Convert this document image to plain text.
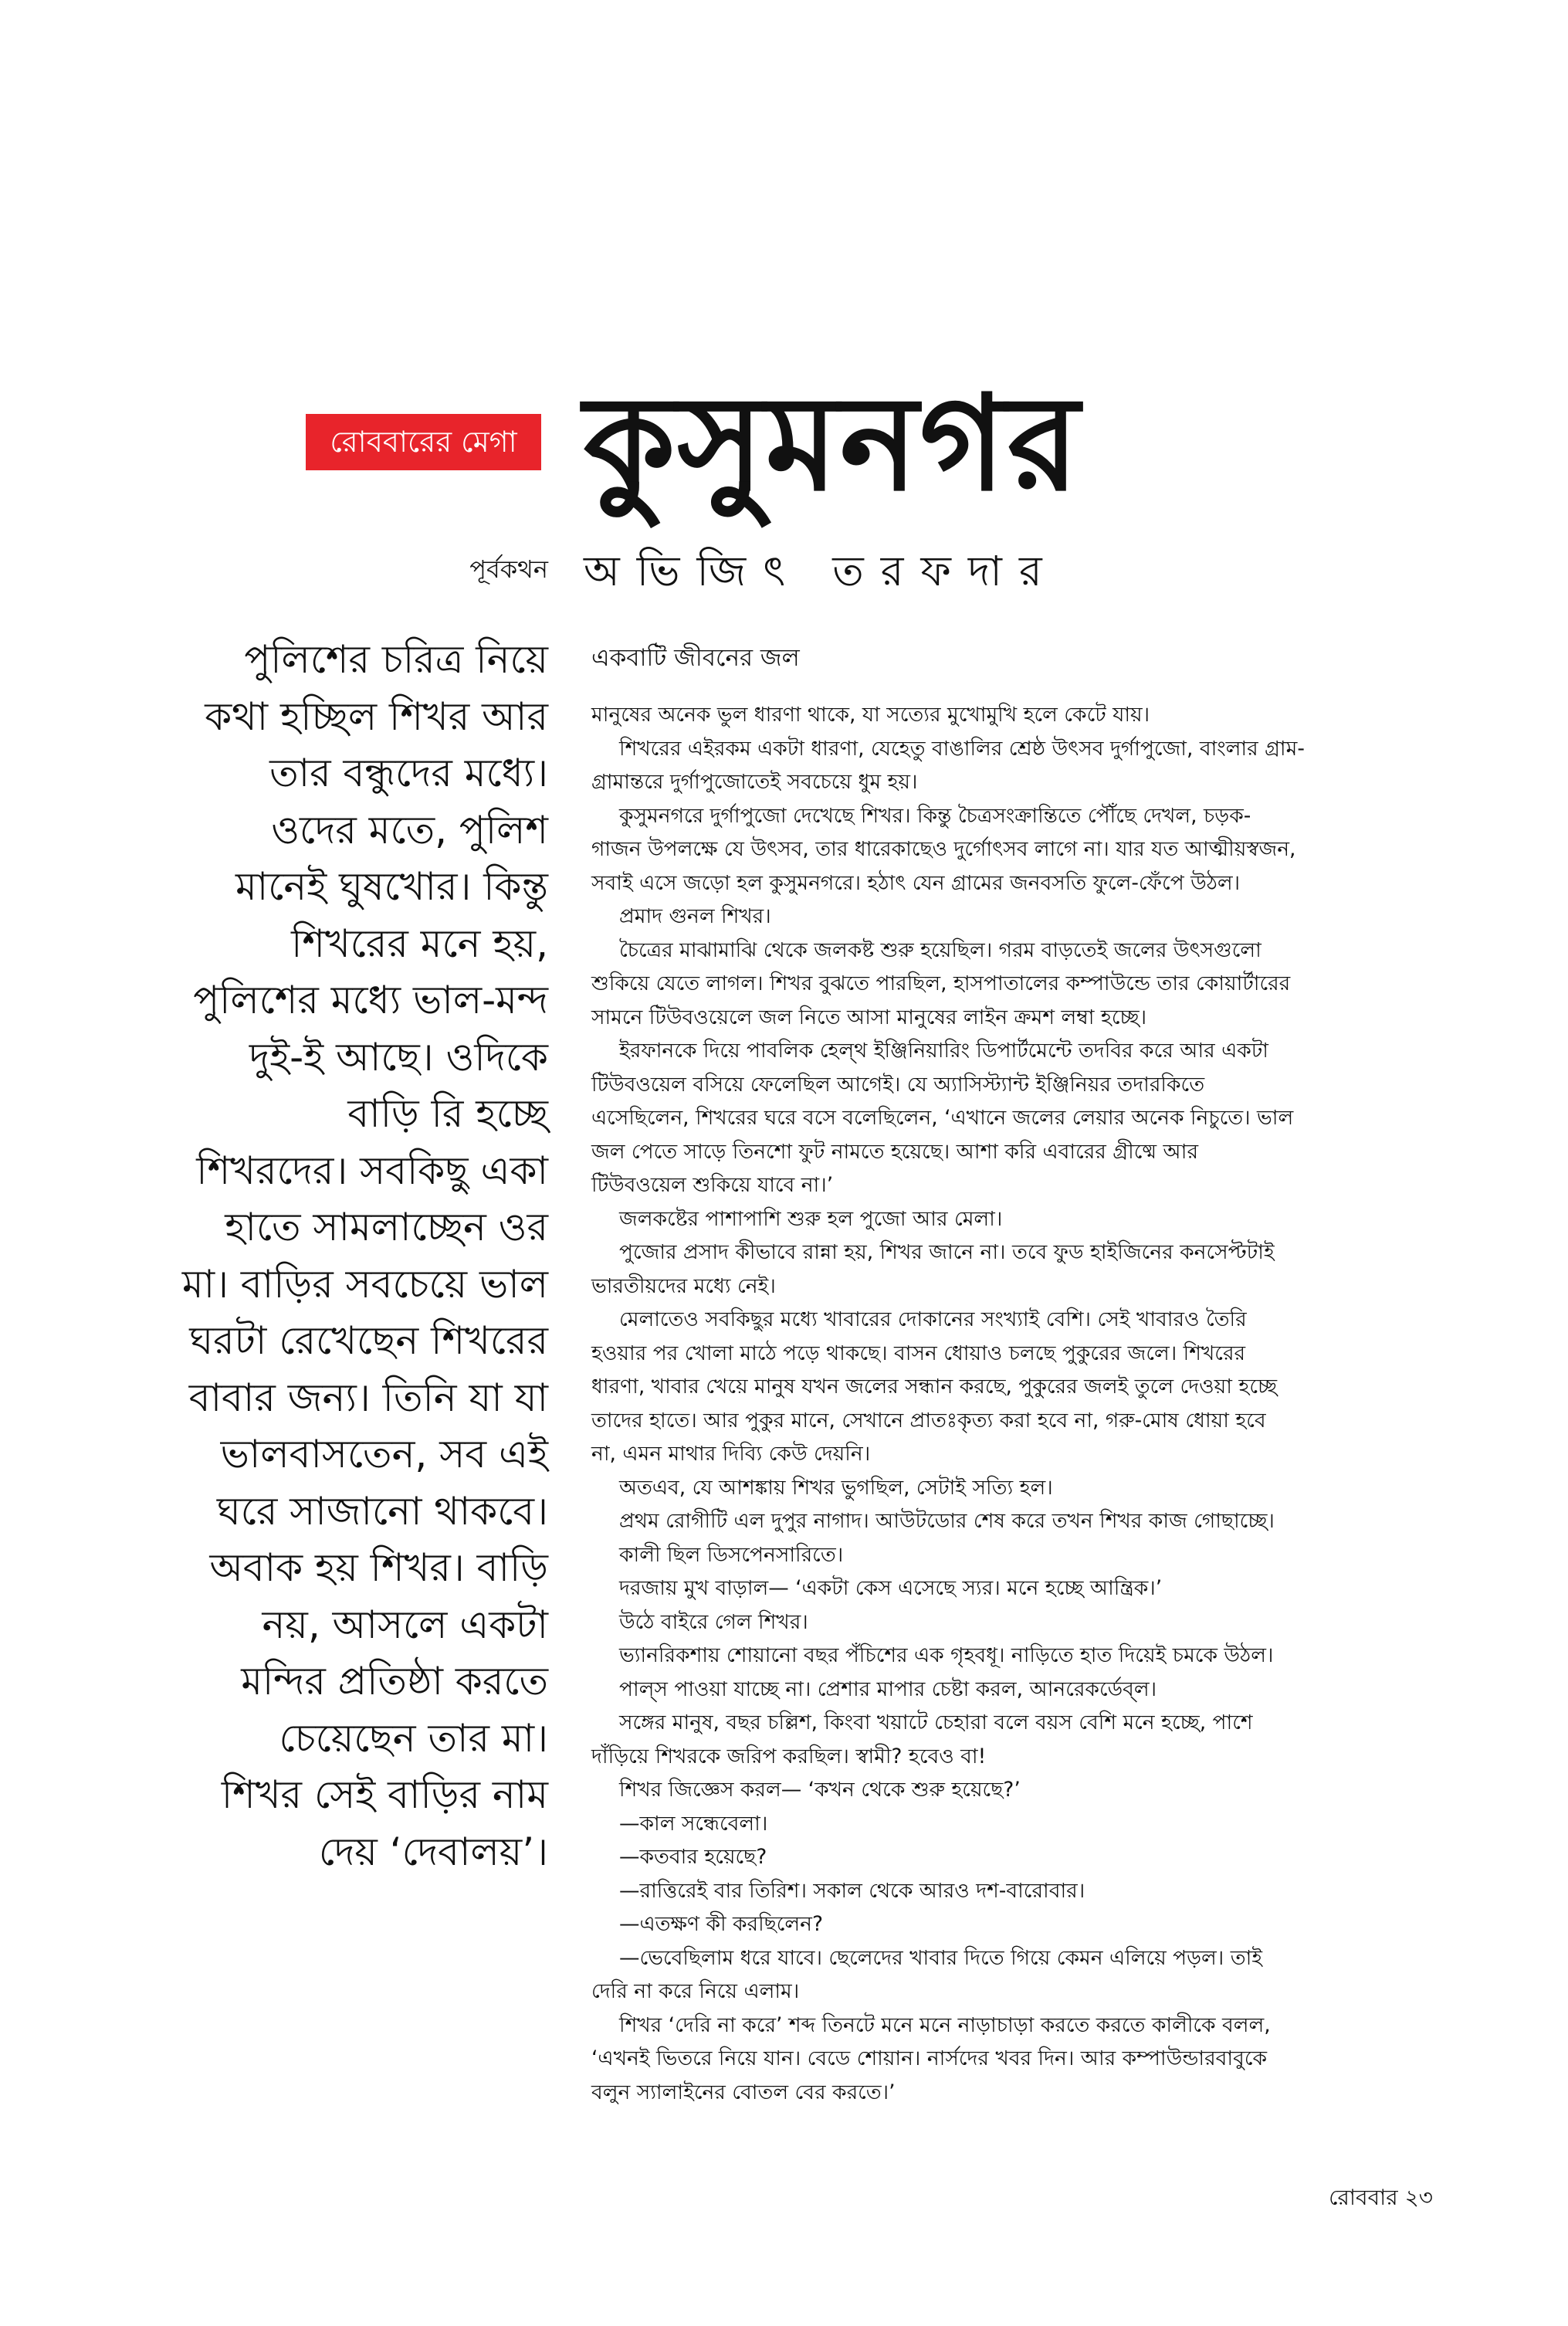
রোববারের মেগা কুসুমনগর
পূর্বকথন অভিজিৎ তরফদার
পুলিশের চরিত্র নিয়ে
কথা হচ্ছিল শিখর আর
তার বন্ধুদের মধ্যে।
ওদের মতে, পুলিশ
মানেই ঘুষখোর। কিন্তু
শিখরের মনে হয়,
পুলিশের মধ্যে ভাল-মন্দ
দুই-ই আছে। ওদিকে
বাড়ি রি হচ্ছে
শিখরদের। সবকিছু একা
হাতে সামলাচ্ছেন ওর
মা। বাড়ির সবচেয়ে ভাল
ঘরটা রেখেছেন শিখরের
বাবার জন্য। তিনি যা যা
ভালবাসতেন, সব এই
ঘরে সাজানো থাকবে।
অবাক হয় শিখর। বাড়ি
নয়, আসলে একটা
মন্দির প্রতিষ্ঠা করতে
চেয়েছেন তার মা।
শিখর সেই বাড়ির নাম
দেয় ‘দেবালয়’।
একবাটি জীবনের জল
মানুষের অনেক ভুল ধারণা থাকে, যা সত্যের মুখোমুখি হলে কেটে যায়।
শিখরের এইরকম একটা ধারণা, যেহেতু বাঙালির শ্রেষ্ঠ উৎসব দুর্গাপুজো, বাংলার গ্রাম-
গ্রামান্তরে দুর্গাপুজোতেই সবচেয়ে ধুম হয়।
কুসুমনগরে দুর্গাপুজো দেখেছে শিখর। কিন্তু চৈত্রসংক্রান্তিতে পৌঁছে দেখল, চড়ক-
গাজন উপলক্ষে যে উৎসব, তার ধারেকাছেও দুর্গোৎসব লাগে না। যার যত আত্মীয়স্বজন,
সবাই এসে জড়ো হল কুসুমনগরে। হঠাৎ যেন গ্রামের জনবসতি ফুলে-ফেঁপে উঠল।
প্রমাদ গুনল শিখর।
চৈত্রের মাঝামাঝি থেকে জলকষ্ট শুরু হয়েছিল। গরম বাড়তেই জলের উৎসগুলো
শুকিয়ে যেতে লাগল। শিখর বুঝতে পারছিল, হাসপাতালের কম্পাউন্ডে তার কোয়ার্টারের
সামনে টিউবওয়েলে জল নিতে আসা মানুষের লাইন ক্রমশ লম্বা হচ্ছে।
ইরফানকে দিয়ে পাবলিক হেল্থ ইঞ্জিনিয়ারিং ডিপার্টমেন্টে তদবির করে আর একটা
টিউবওয়েল বসিয়ে ফেলেছিল আগেই। যে অ্যাসিস্ট্যান্ট ইঞ্জিনিয়র তদারকিতে
এসেছিলেন, শিখরের ঘরে বসে বলেছিলেন, ‘এখানে জলের লেয়ার অনেক নিচুতে। ভাল
জল পেতে সাড়ে তিনশো ফুট নামতে হয়েছে। আশা করি এবারের গ্রীষ্মে আর
টিউবওয়েল শুকিয়ে যাবে না।’
জলকষ্টের পাশাপাশি শুরু হল পুজো আর মেলা।
পুজোর প্রসাদ কীভাবে রান্না হয়, শিখর জানে না। তবে ফুড হাইজিনের কনসেপ্টটাই
ভারতীয়দের মধ্যে নেই।
মেলাতেও সবকিছুর মধ্যে খাবারের দোকানের সংখ্যাই বেশি। সেই খাবারও তৈরি
হওয়ার পর খোলা মাঠে পড়ে থাকছে। বাসন ধোয়াও চলছে পুকুরের জলে। শিখরের
ধারণা, খাবার খেয়ে মানুষ যখন জলের সন্ধান করছে, পুকুরের জলই তুলে দেওয়া হচ্ছে
তাদের হাতে। আর পুকুর মানে, সেখানে প্রাতঃকৃত্য করা হবে না, গরু-মোষ ধোয়া হবে
না, এমন মাথার দিব্যি কেউ দেয়নি।
অতএব, যে আশঙ্কায় শিখর ভুগছিল, সেটাই সত্যি হল।
প্রথম রোগীটি এল দুপুর নাগাদ। আউটডোর শেষ করে তখন শিখর কাজ গোছাচ্ছে।
কালী ছিল ডিসপেনসারিতে।
দরজায় মুখ বাড়াল— ‘একটা কেস এসেছে স্যর। মনে হচ্ছে আন্ত্রিক।’
উঠে বাইরে গেল শিখর।
ভ্যানরিকশায় শোয়ানো বছর পঁচিশের এক গৃহবধূ। নাড়িতে হাত দিয়েই চমকে উঠল।
পাল্‌স পাওয়া যাচ্ছে না। প্রেশার মাপার চেষ্টা করল, আনরেকর্ডেব্‌ল।
সঙ্গের মানুষ, বছর চল্লিশ, কিংবা খয়াটে চেহারা বলে বয়স বেশি মনে হচ্ছে, পাশে
দাঁড়িয়ে শিখরকে জরিপ করছিল। স্বামী? হবেও বা!
শিখর জিজ্ঞেস করল— ‘কখন থেকে শুরু হয়েছে?’
—কাল সন্ধেবেলা।
—কতবার হয়েছে?
—রাত্তিরেই বার তিরিশ। সকাল থেকে আরও দশ-বারোবার।
—এতক্ষণ কী করছিলেন?
—ভেবেছিলাম ধরে যাবে। ছেলেদের খাবার দিতে গিয়ে কেমন এলিয়ে পড়ল। তাই
দেরি না করে নিয়ে এলাম।
শিখর ‘দেরি না করে’ শব্দ তিনটে মনে মনে নাড়াচাড়া করতে করতে কালীকে বলল,
‘এখনই ভিতরে নিয়ে যান। বেডে শোয়ান। নার্সদের খবর দিন। আর কম্পাউন্ডারবাবুকে
বলুন স্যালাইনের বোতল বের করতে।’
রোববার ২৩
